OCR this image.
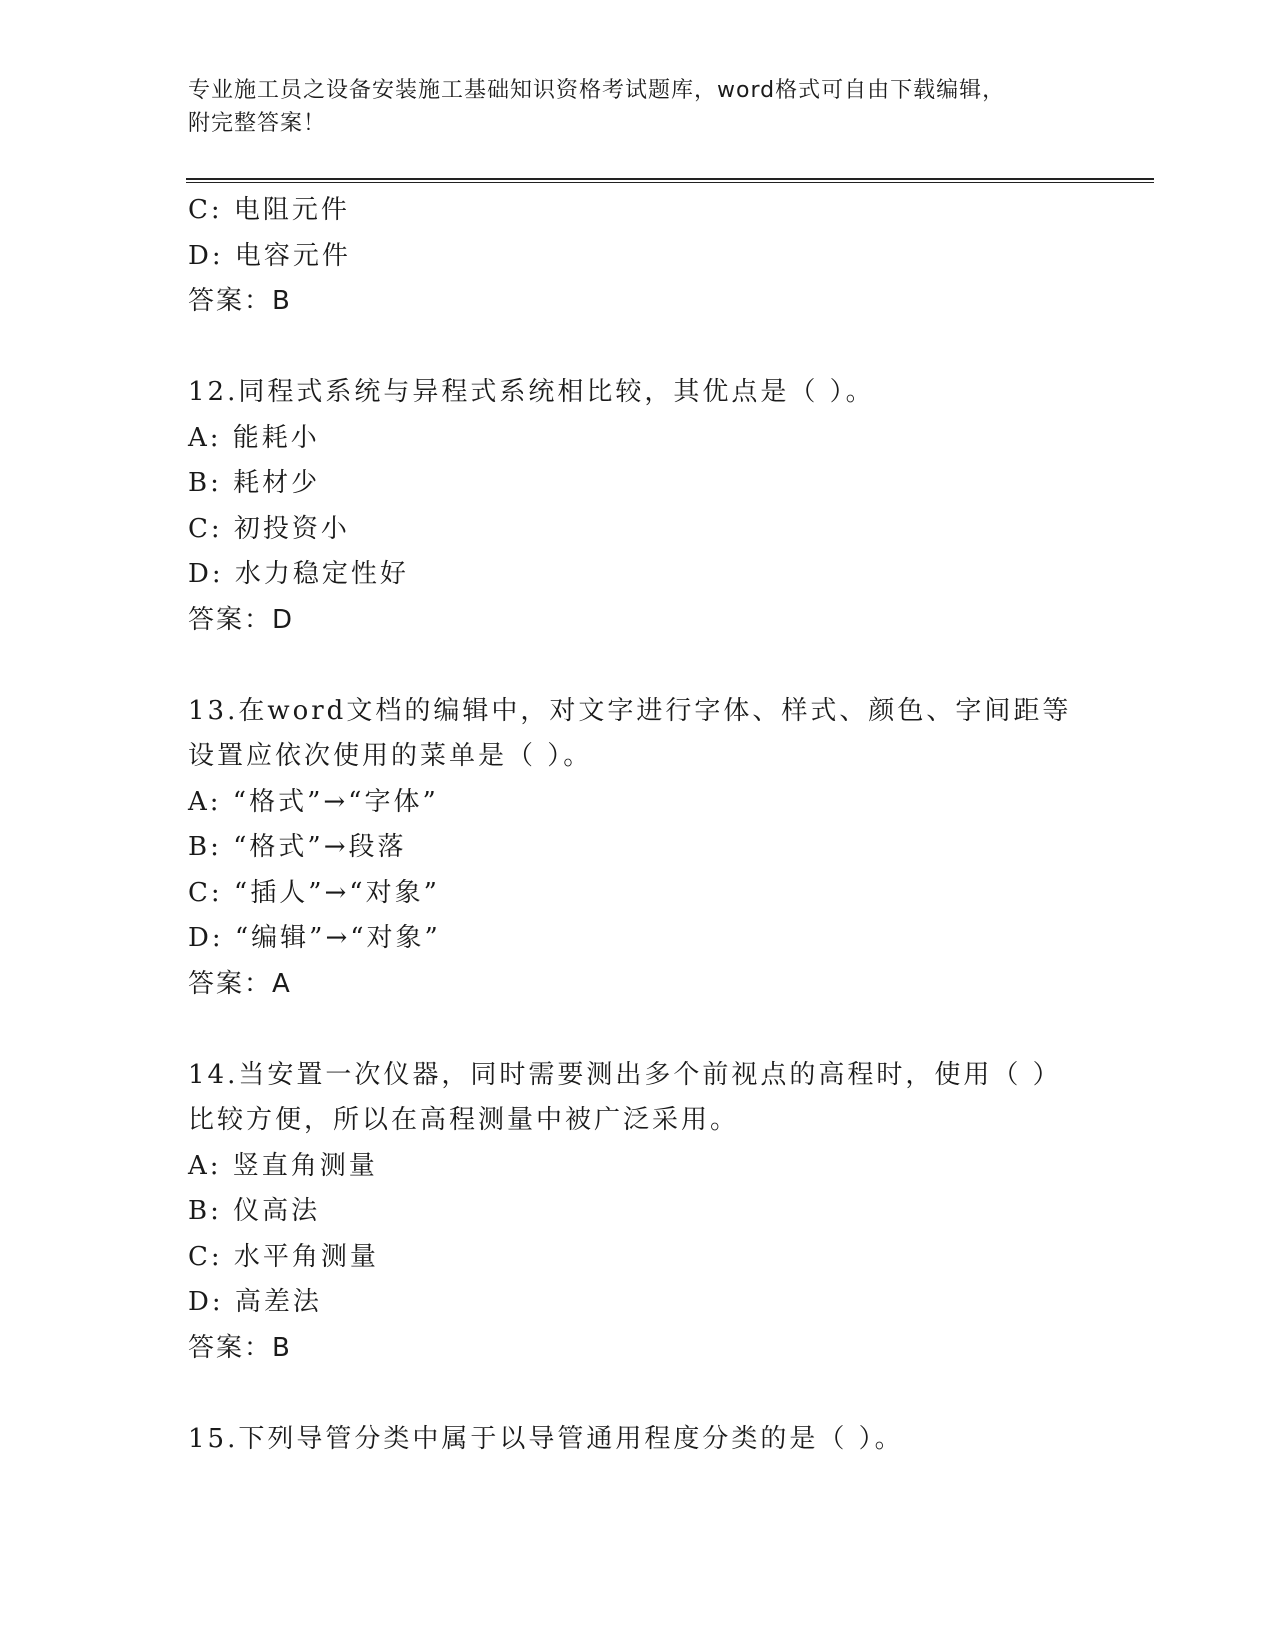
专业施工员之设备安装施工基础知识资格考试题库，word格式可自由下载编辑，
附完整答案！
C: 电阻元件
D: 电容元件
答案：B
12.同程式系统与异程式系统相比较，其优点是（ ）。
A: 能耗小
B: 耗材少
C: 初投资小
D: 水力稳定性好
答案：D
13.在word文档的编辑中，对文字进行字体、样式、颜色、字间距等
设置应依次使用的菜单是（ ）。
A: “格式”→“字体”
B: “格式”→段落
C: “插人”→“对象”
D: “编辑”→“对象”
答案：A
14.当安置一次仪器，同时需要测出多个前视点的高程时，使用（ ）
比较方便，所以在高程测量中被广泛采用。
A: 竖直角测量
B: 仪高法
C: 水平角测量
D: 高差法
答案：B
15.下列导管分类中属于以导管通用程度分类的是（ ）。
